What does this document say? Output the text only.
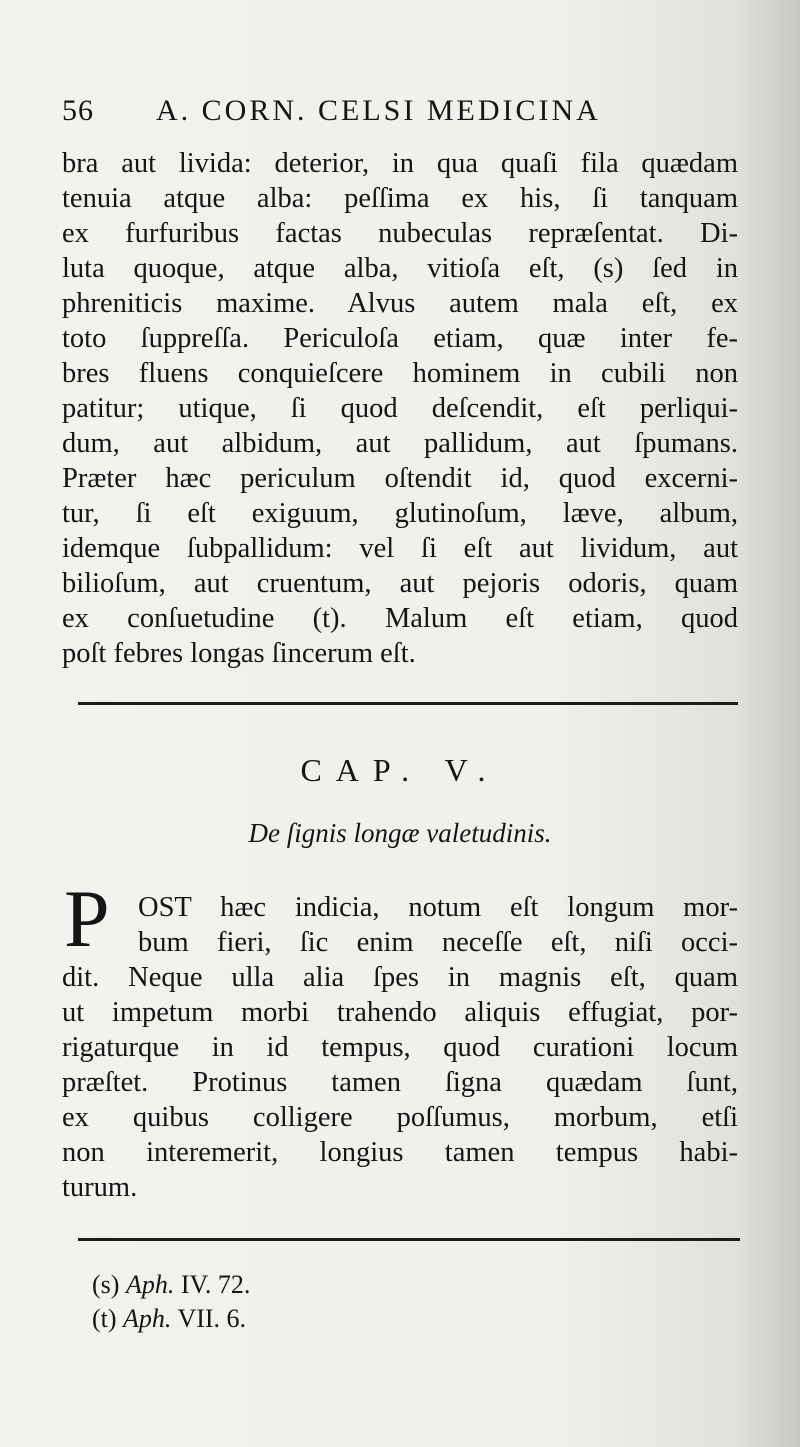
56 A. CORN. CELSI MEDICINA
bra aut livida: deterior, in qua quaſi fila quædam
tenuia atque alba: peſſima ex his, ſi tanquam
ex furfuribus factas nubeculas repræſentat. Di-
luta quoque, atque alba, vitioſa eſt, (s) ſed in
phreniticis maxime. Alvus autem mala eſt, ex
toto ſuppreſſa. Periculoſa etiam, quæ inter fe-
bres fluens conquieſcere hominem in cubili non
patitur; utique, ſi quod deſcendit, eſt perliqui-
dum, aut albidum, aut pallidum, aut ſpumans.
Præter hæc periculum oſtendit id, quod excerni-
tur, ſi eſt exiguum, glutinoſum, læve, album,
idemque ſubpallidum: vel ſi eſt aut lividum, aut
bilioſum, aut cruentum, aut pejoris odoris, quam
ex conſuetudine (t). Malum eſt etiam, quod
poſt febres longas ſincerum eſt.
CAP. V.
De ſignis longæ valetudinis.
P OST hæc indicia, notum eſt longum mor-
bum fieri, ſic enim neceſſe eſt, niſi occi-
dit. Neque ulla alia ſpes in magnis eſt, quam
ut impetum morbi trahendo aliquis effugiat, por-
rigaturque in id tempus, quod curationi locum
præſtet. Protinus tamen ſigna quædam ſunt,
ex quibus colligere poſſumus, morbum, etſi
non interemerit, longius tamen tempus habi-
turum.
(s) Aph. IV. 72.
(t) Aph. VII. 6.
